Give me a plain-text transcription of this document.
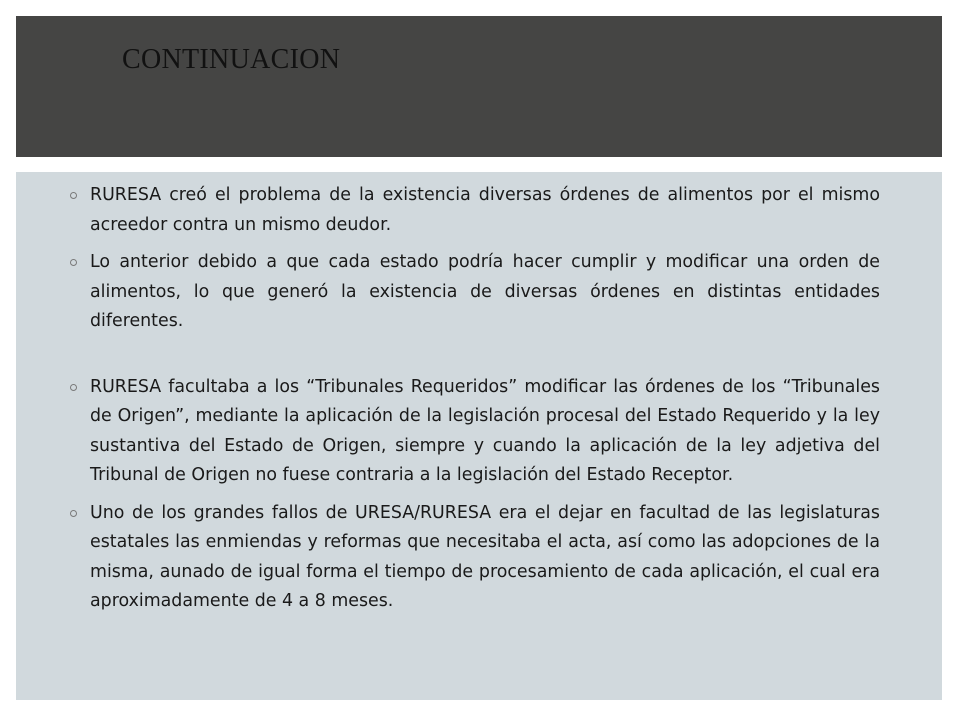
CONTINUACION
RURESA creó el problema de la existencia diversas órdenes de alimentos por el mismo acreedor contra un mismo deudor.
Lo anterior debido a que cada estado podría hacer cumplir y modificar una orden de alimentos, lo que generó la existencia de diversas órdenes en distintas entidades diferentes.
RURESA facultaba a los “Tribunales Requeridos” modificar las órdenes de los “Tribunales de Origen”, mediante la aplicación de la legislación procesal del Estado Requerido y la ley sustantiva del Estado de Origen, siempre y cuando la aplicación de la ley adjetiva del Tribunal de Origen no fuese contraria a la legislación del Estado Receptor.
Uno de los grandes fallos de URESA/RURESA era el dejar en facultad de las legislaturas estatales las enmiendas y reformas que necesitaba el acta, así como las adopciones de la misma, aunado de igual forma el tiempo de procesamiento de cada aplicación, el cual era aproximadamente de 4 a 8 meses.
